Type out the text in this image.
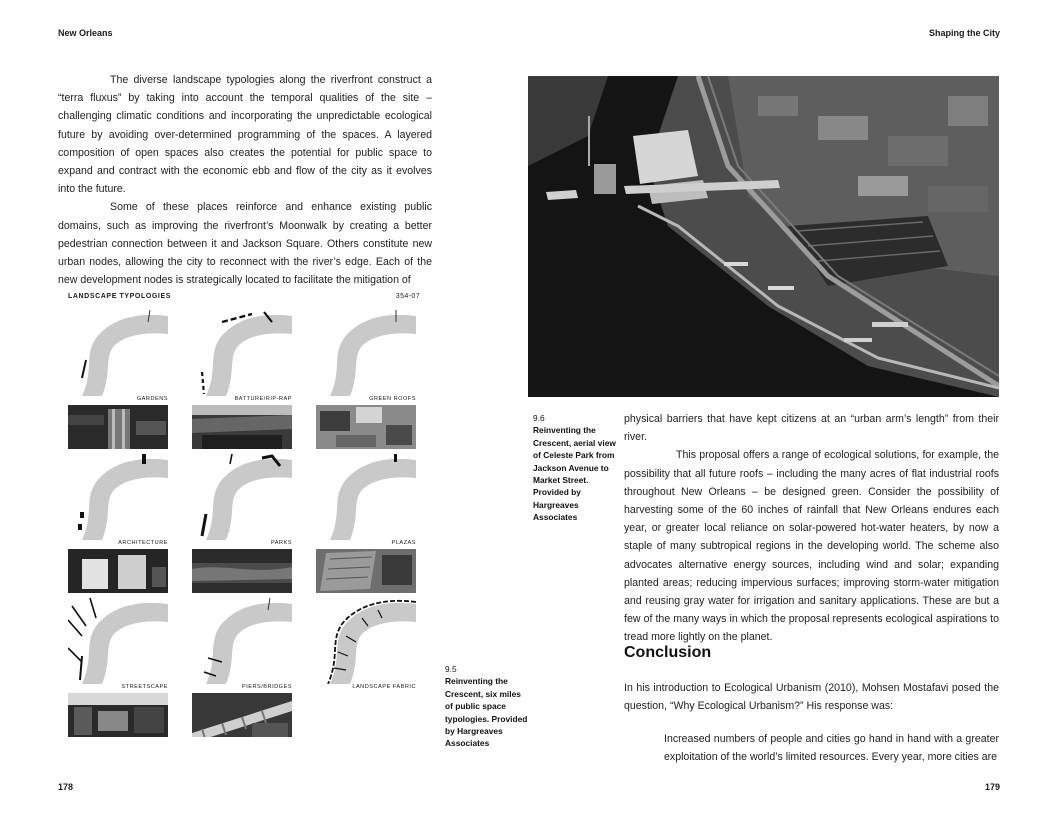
New Orleans

The diverse landscape typologies along the riverfront construct a “terra fluxus” by taking into account the temporal qualities of the site – challenging climatic conditions and incorporating the unpredictable ecological future by avoiding over-determined programming of the spaces. A layered composition of open spaces also creates the potential for public space to expand and contract with the economic ebb and flow of the city as it evolves into the future.

Some of these places reinforce and enhance existing public domains, such as improving the riverfront’s Moonwalk by creating a better pedestrian connection between it and Jackson Square. Others constitute new urban nodes, allowing the city to reconnect with the river’s edge. Each of the new development nodes is strategically located to facilitate the mitigation of

LANDSCAPE TYPOLOGIES	354-07
GARDENS	BATTURE/RIP-RAP	GREEN ROOFS
ARCHITECTURE	PARKS	PLAZAS
STREETSCAPE	PIERS/BRIDGES	LANDSCAPE FABRIC
9.5
Reinventing the Crescent, six miles of public space typologies. Provided by Hargreaves Associates
178
Shaping the City
9.6
Reinventing the Crescent, aerial view of Celeste Park from Jackson Avenue to Market Street. Provided by Hargreaves Associates

physical barriers that have kept citizens at an “urban arm’s length” from their river.

This proposal offers a range of ecological solutions, for example, the possibility that all future roofs – including the many acres of flat industrial roofs throughout New Orleans – be designed green. Consider the possibility of harvesting some of the 60 inches of rainfall that New Orleans endures each year, or greater local reliance on solar-powered hot-water heaters, by now a staple of many subtropical regions in the developing world. The scheme also advocates alternative energy sources, including wind and solar; expanding planted areas; reducing impervious surfaces; improving storm-water mitigation and reusing gray water for irrigation and sanitary applications. These are but a few of the many ways in which the proposal represents ecological aspirations to tread more lightly on the planet.

Conclusion

In his introduction to Ecological Urbanism (2010), Mohsen Mostafavi posed the question, “Why Ecological Urbanism?” His response was:

Increased numbers of people and cities go hand in hand with a greater exploitation of the world’s limited resources. Every year, more cities are

179
